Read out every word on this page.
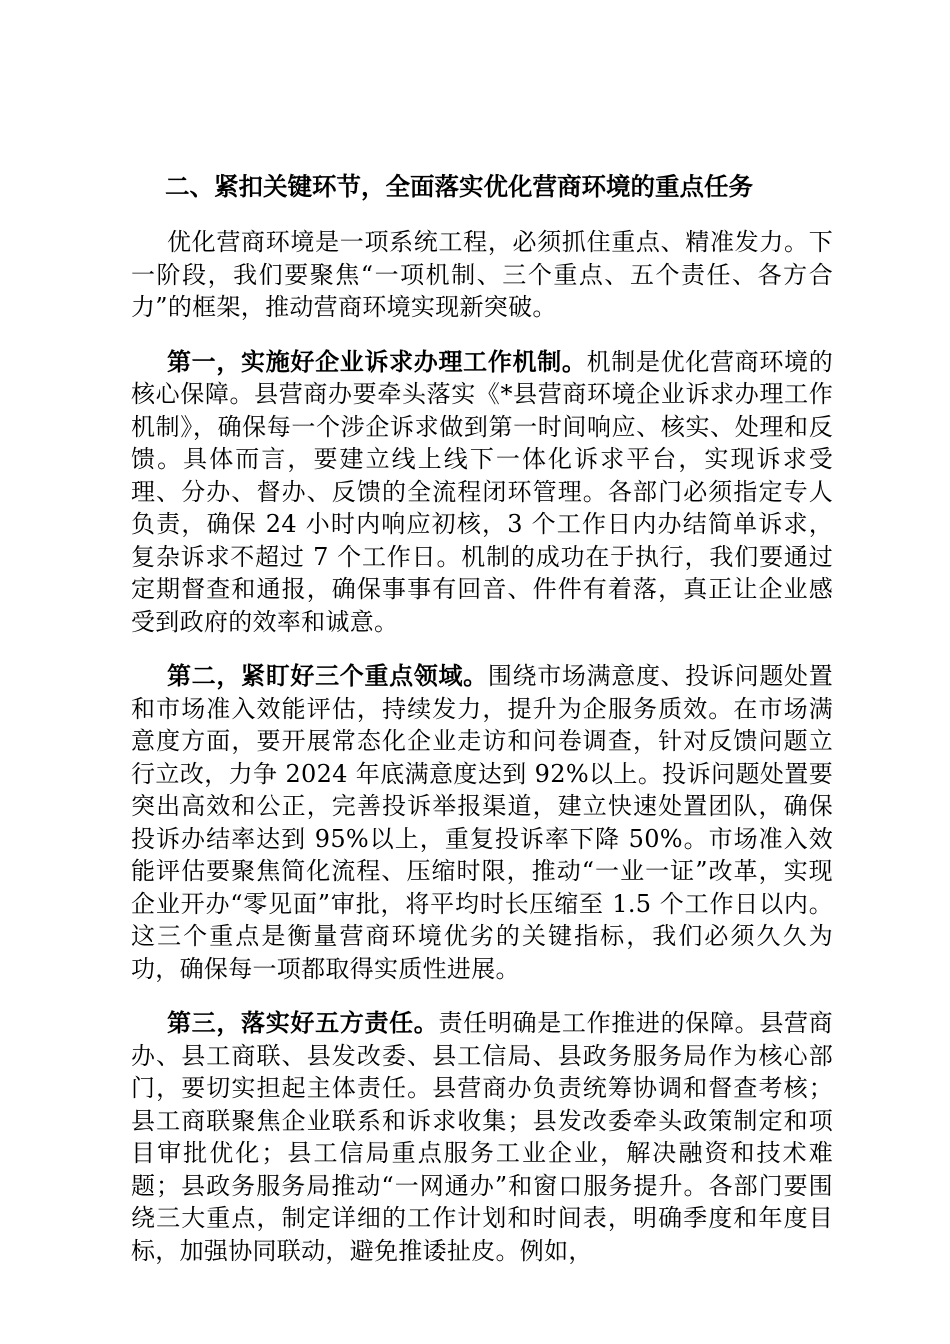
二、紧扣关键环节，全面落实优化营商环境的重点任务

优化营商环境是一项系统工程，必须抓住重点、精准发力。下一阶段，我们要聚焦“一项机制、三个重点、五个责任、各方合力”的框架，推动营商环境实现新突破。

第一，实施好企业诉求办理工作机制。机制是优化营商环境的核心保障。县营商办要牵头落实《*县营商环境企业诉求办理工作机制》，确保每一个涉企诉求做到第一时间响应、核实、处理和反馈。具体而言，要建立线上线下一体化诉求平台，实现诉求受理、分办、督办、反馈的全流程闭环管理。各部门必须指定专人负责，确保 24 小时内响应初核，3 个工作日内办结简单诉求，复杂诉求不超过 7 个工作日。机制的成功在于执行，我们要通过定期督查和通报，确保事事有回音、件件有着落，真正让企业感受到政府的效率和诚意。

第二，紧盯好三个重点领域。围绕市场满意度、投诉问题处置和市场准入效能评估，持续发力，提升为企服务质效。在市场满意度方面，要开展常态化企业走访和问卷调查，针对反馈问题立行立改，力争 2024 年底满意度达到 92%以上。投诉问题处置要突出高效和公正，完善投诉举报渠道，建立快速处置团队，确保投诉办结率达到 95%以上，重复投诉率下降 50%。市场准入效能评估要聚焦简化流程、压缩时限，推动“一业一证”改革，实现企业开办“零见面”审批，将平均时长压缩至 1.5 个工作日以内。这三个重点是衡量营商环境优劣的关键指标，我们必须久久为功，确保每一项都取得实质性进展。

第三，落实好五方责任。责任明确是工作推进的保障。县营商办、县工商联、县发改委、县工信局、县政务服务局作为核心部门，要切实担起主体责任。县营商办负责统筹协调和督查考核；县工商联聚焦企业联系和诉求收集；县发改委牵头政策制定和项目审批优化；县工信局重点服务工业企业，解决融资和技术难题；县政务服务局推动“一网通办”和窗口服务提升。各部门要围绕三大重点，制定详细的工作计划和时间表，明确季度和年度目标，加强协同联动，避免推诿扯皮。例如，
